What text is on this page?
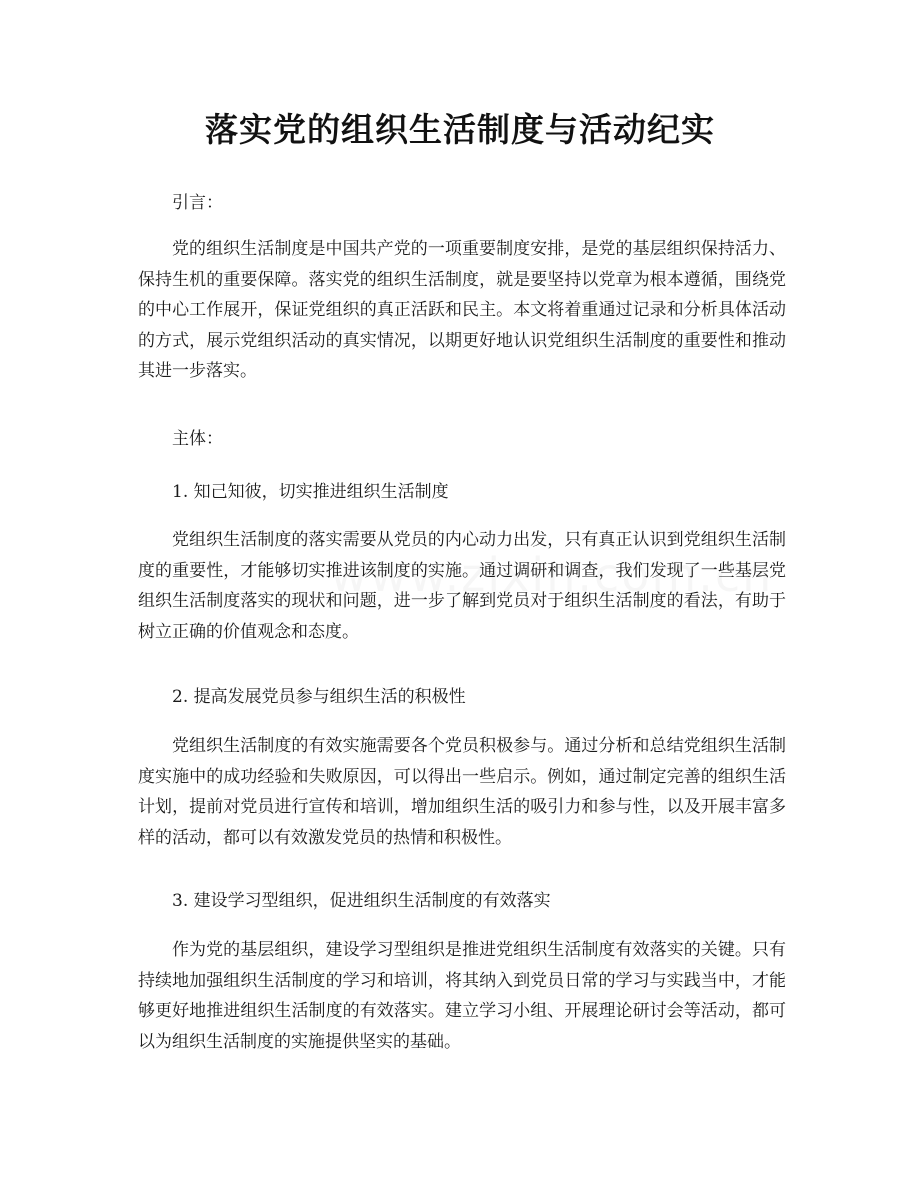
落实党的组织生活制度与活动纪实

引言：

党的组织生活制度是中国共产党的一项重要制度安排，是党的基层组织保持活力、保持生机的重要保障。落实党的组织生活制度，就是要坚持以党章为根本遵循，围绕党的中心工作展开，保证党组织的真正活跃和民主。本文将着重通过记录和分析具体活动的方式，展示党组织活动的真实情况，以期更好地认识党组织生活制度的重要性和推动其进一步落实。

主体：

1. 知己知彼，切实推进组织生活制度

党组织生活制度的落实需要从党员的内心动力出发，只有真正认识到党组织生活制度的重要性，才能够切实推进该制度的实施。通过调研和调查，我们发现了一些基层党组织生活制度落实的现状和问题，进一步了解到党员对于组织生活制度的看法，有助于树立正确的价值观念和态度。

2. 提高发展党员参与组织生活的积极性

党组织生活制度的有效实施需要各个党员积极参与。通过分析和总结党组织生活制度实施中的成功经验和失败原因，可以得出一些启示。例如，通过制定完善的组织生活计划，提前对党员进行宣传和培训，增加组织生活的吸引力和参与性，以及开展丰富多样的活动，都可以有效激发党员的热情和积极性。

3. 建设学习型组织，促进组织生活制度的有效落实

作为党的基层组织，建设学习型组织是推进党组织生活制度有效落实的关键。只有持续地加强组织生活制度的学习和培训，将其纳入到党员日常的学习与实践当中，才能够更好地推进组织生活制度的有效落实。建立学习小组、开展理论研讨会等活动，都可以为组织生活制度的实施提供坚实的基础。
